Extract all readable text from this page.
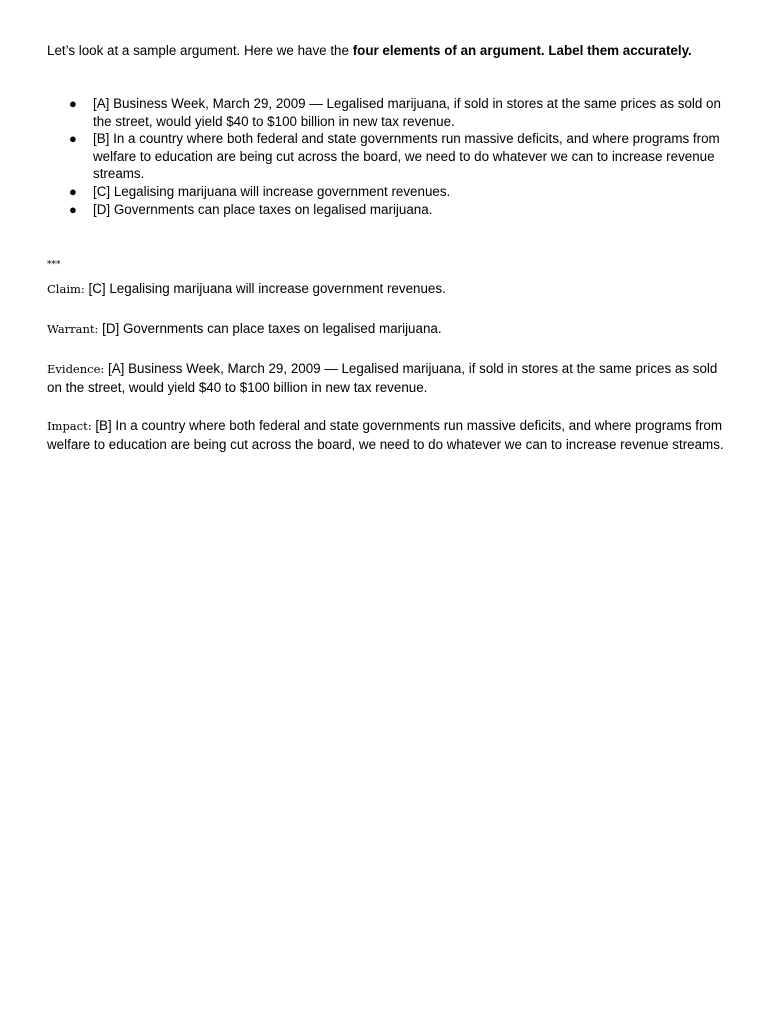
Let’s look at a sample argument. Here we have the four elements of an argument. Label them accurately.

● [A] Business Week, March 29, 2009 — Legalised marijuana, if sold in stores at the same prices as sold on the street, would yield $40 to $100 billion in new tax revenue.
● [B] In a country where both federal and state governments run massive deficits, and where programs from welfare to education are being cut across the board, we need to do whatever we can to increase revenue streams.
● [C] Legalising marijuana will increase government revenues.
● [D] Governments can place taxes on legalised marijuana.
***

Claim: [C] Legalising marijuana will increase government revenues.

Warrant: [D] Governments can place taxes on legalised marijuana.

Evidence: [A] Business Week, March 29, 2009 — Legalised marijuana, if sold in stores at the same prices as sold on the street, would yield $40 to $100 billion in new tax revenue.

Impact: [B] In a country where both federal and state governments run massive deficits, and where programs from welfare to education are being cut across the board, we need to do whatever we can to increase revenue streams.
